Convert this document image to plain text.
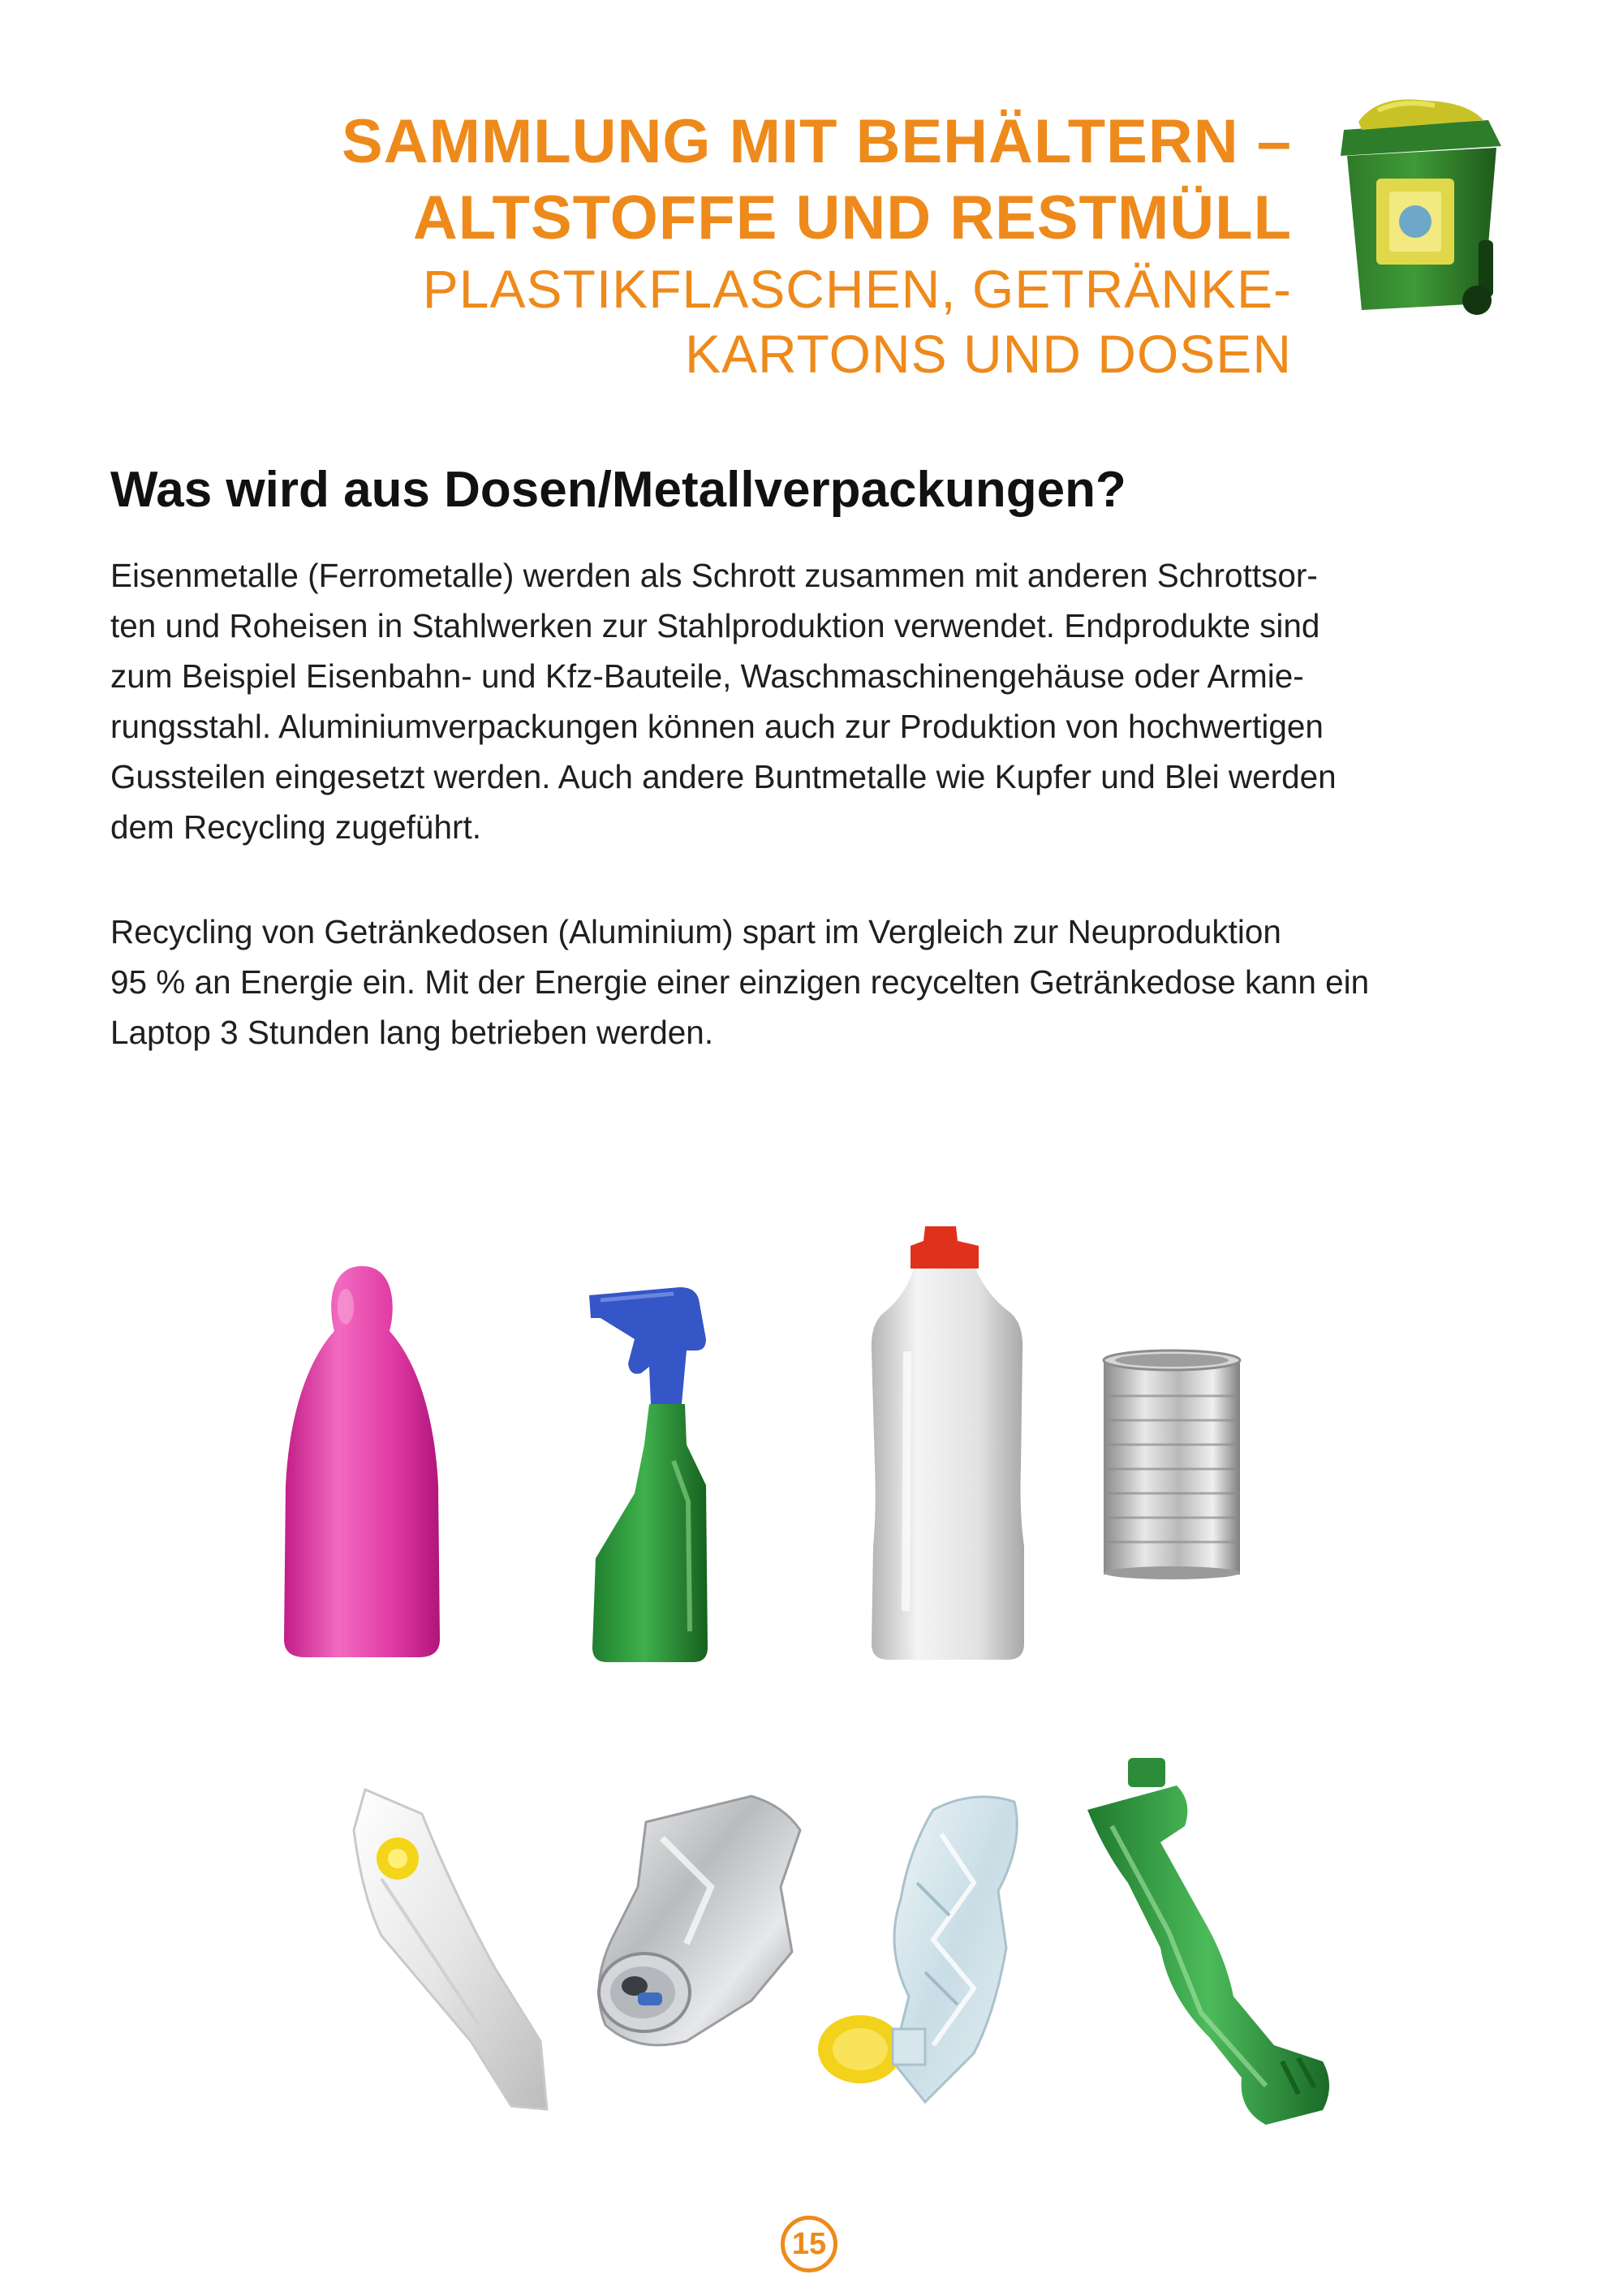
SAMMLUNG MIT BEHÄLTERN –
ALTSTOFFE UND RESTMÜLL
PLASTIKFLASCHEN, GETRÄNKE-
KARTONS UND DOSEN
Was wird aus Dosen/Metallverpackungen?

Eisenmetalle (Ferrometalle) werden als Schrott zusammen mit anderen Schrottsor-
ten und Roheisen in Stahlwerken zur Stahlproduktion verwendet. Endprodukte sind
zum Beispiel Eisenbahn- und Kfz-Bauteile, Waschmaschinengehäuse oder Armie-
rungsstahl. Aluminiumverpackungen können auch zur Produktion von hochwertigen
Gussteilen eingesetzt werden. Auch andere Buntmetalle wie Kupfer und Blei werden
dem Recycling zugeführt.

Recycling von Getränkedosen (Aluminium) spart im Vergleich zur Neuproduktion
95 % an Energie ein. Mit der Energie einer einzigen recycelten Getränkedose kann ein
Laptop 3 Stunden lang betrieben werden.

15
